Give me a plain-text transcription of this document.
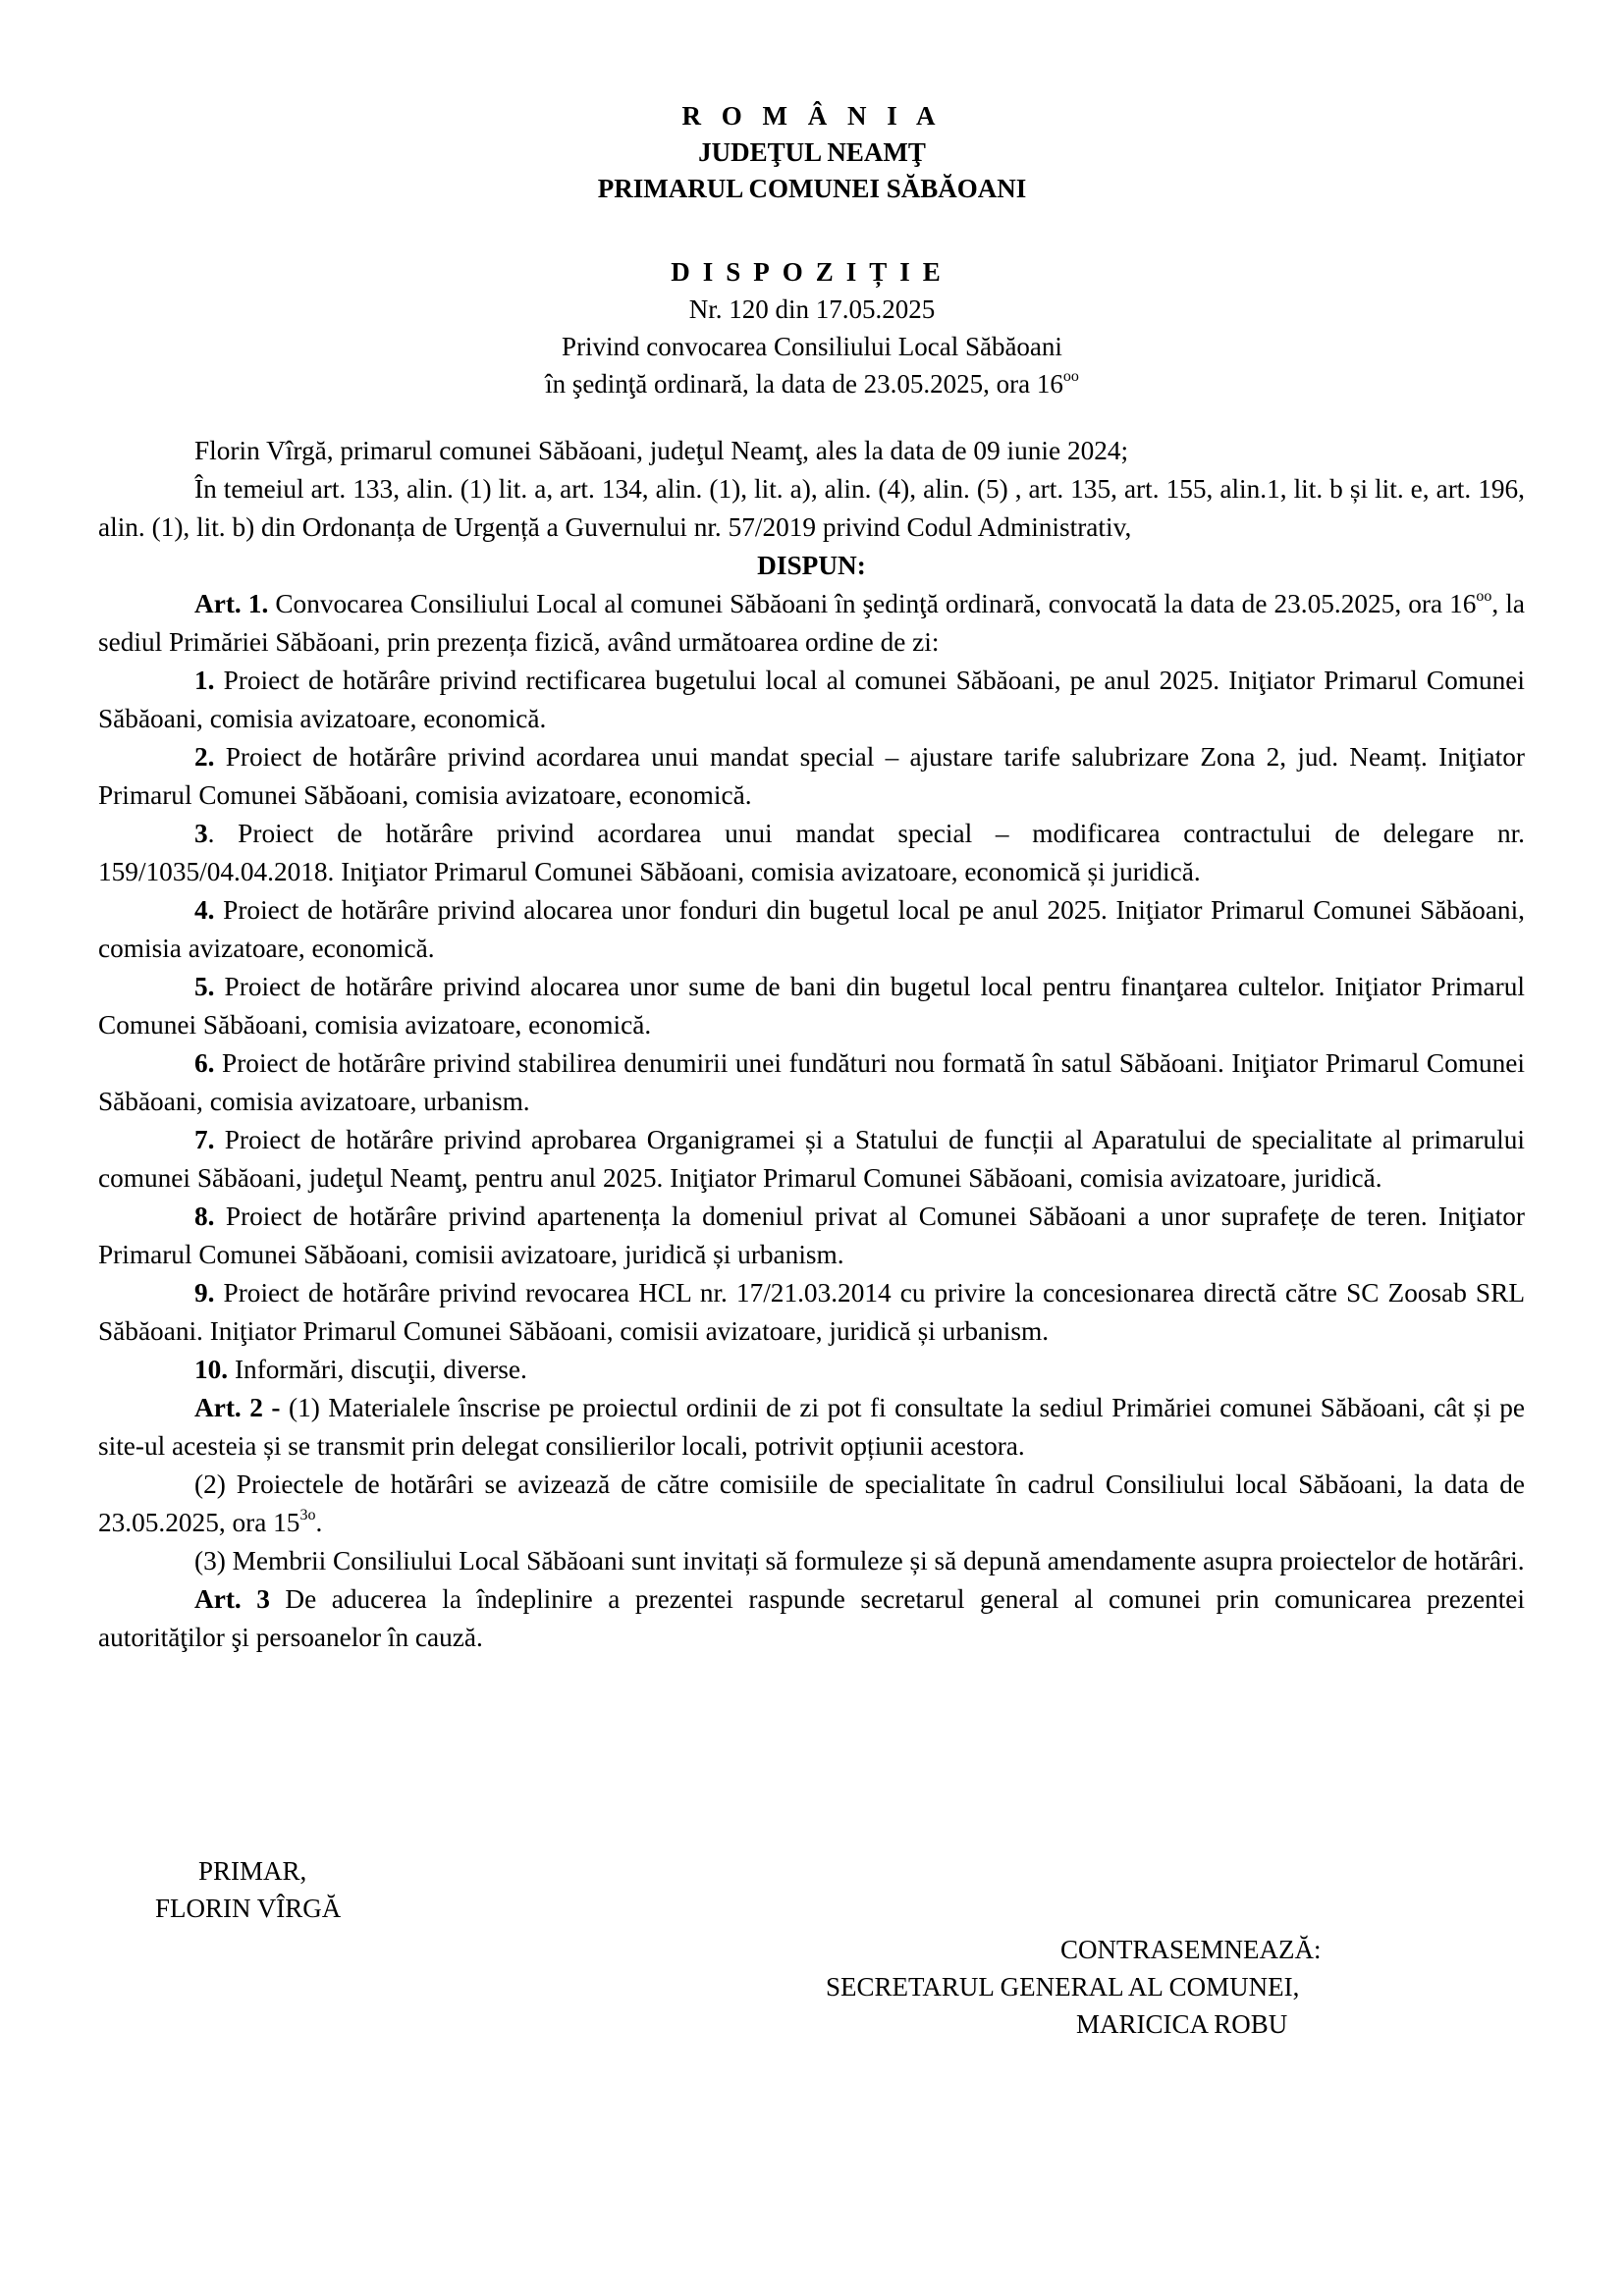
R O M Â N I A
JUDEŢUL NEAMŢ
PRIMARUL COMUNEI SĂBĂOANI
DISPOZIȚIE
Nr. 120 din 17.05.2025
Privind convocarea Consiliului Local Săbăoani
în şedinţă ordinară, la data de 23.05.2025, ora $16^{oo}$

Florin Vîrgă, primarul comunei Săbăoani, judeţul Neamţ, ales la data de 09 iunie 2024;

În temeiul art. 133, alin. (1) lit. a, art. 134, alin. (1), lit. a), alin. (4), alin. (5) , art. 135, art. 155, alin.1, lit. b și lit. e, art. 196, alin. (1), lit. b) din Ordonanța de Urgență a Guvernului nr. 57/2019 privind Codul Administrativ,

DISPUN:

Art. 1. Convocarea Consiliului Local al comunei Săbăoani în şedinţă ordinară, convocată la data de 23.05.2025, ora $16^{oo}$, la sediul Primăriei Săbăoani, prin prezența fizică, având următoarea ordine de zi:

1. Proiect de hotărâre privind rectificarea bugetului local al comunei Săbăoani, pe anul 2025. Iniţiator Primarul Comunei Săbăoani, comisia avizatoare, economică.

2. Proiect de hotărâre privind acordarea unui mandat special – ajustare tarife salubrizare Zona 2, jud. Neamț. Iniţiator Primarul Comunei Săbăoani, comisia avizatoare, economică.

3. Proiect de hotărâre privind acordarea unui mandat special – modificarea contractului de delegare nr. 159/1035/04.04.2018. Iniţiator Primarul Comunei Săbăoani, comisia avizatoare, economică și juridică.

4. Proiect de hotărâre privind alocarea unor fonduri din bugetul local pe anul 2025. Iniţiator Primarul Comunei Săbăoani, comisia avizatoare, economică.

5. Proiect de hotărâre privind alocarea unor sume de bani din bugetul local pentru finanţarea cultelor. Iniţiator Primarul Comunei Săbăoani, comisia avizatoare, economică.

6. Proiect de hotărâre privind stabilirea denumirii unei fundături nou formată în satul Săbăoani. Iniţiator Primarul Comunei Săbăoani, comisia avizatoare, urbanism.

7. Proiect de hotărâre privind aprobarea Organigramei și a Statului de funcții al Aparatului de specialitate al primarului comunei Săbăoani, judeţul Neamţ, pentru anul 2025. Iniţiator Primarul Comunei Săbăoani, comisia avizatoare, juridică.

8. Proiect de hotărâre privind apartenența la domeniul privat al Comunei Săbăoani a unor suprafețe de teren. Iniţiator Primarul Comunei Săbăoani, comisii avizatoare, juridică și urbanism.

9. Proiect de hotărâre privind revocarea HCL nr. 17/21.03.2014 cu privire la concesionarea directă către SC Zoosab SRL Săbăoani. Iniţiator Primarul Comunei Săbăoani, comisii avizatoare, juridică și urbanism.

10. Informări, discuţii, diverse.

Art. 2 - (1) Materialele înscrise pe proiectul ordinii de zi pot fi consultate la sediul Primăriei comunei Săbăoani, cât și pe site-ul acesteia și se transmit prin delegat consilierilor locali, potrivit opțiunii acestora.

(2) Proiectele de hotărâri se avizează de către comisiile de specialitate în cadrul Consiliului local Săbăoani, la data de 23.05.2025, ora $15^{3o}$.

(3) Membrii Consiliului Local Săbăoani sunt invitați să formuleze și să depună amendamente asupra proiectelor de hotărâri.

Art. 3 De aducerea la îndeplinire a prezentei raspunde secretarul general al comunei prin comunicarea prezentei autorităţilor şi persoanelor în cauză.

PRIMAR,
FLORIN VÎRGĂ
CONTRASEMNEAZĂ:
SECRETARUL GENERAL AL COMUNEI,
MARICICA ROBU
